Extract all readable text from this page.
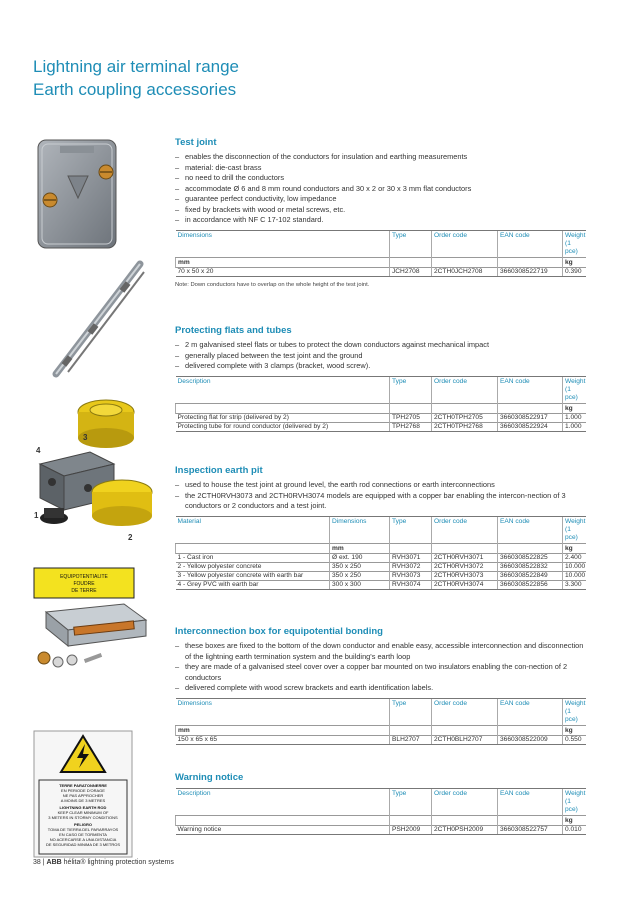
Lightning air terminal range
Earth coupling accessories
3
4
1
2
EQUIPOTENTIALITE
FOUDRE
DE TERRE
TERRE PARATONNERRE
EN PERIODE D'ORAGE
NE PAS APPROCHER
A MOINS DE 3 METRES
LIGHTNING EARTH ROD
KEEP CLEAR MINIMUM OF
3 METERS IN STORMY CONDITIONS
PELIGRO
TOMA DE TIERRA DEL PARARRAYOS
EN CASO DE TORMENTA
NO ACERCARSE A UNA DISTANCIA
DE SEGURIDAD MINIMA DE 3 METROS
Test joint
– enables the disconnection of the conductors for insulation and earthing measurements
– material: die-cast brass
– no need to drill the conductors
– accommodate Ø 6 and 8 mm round conductors and 30 x 2 or 30 x 3 mm flat conductors
– guarantee perfect conductivity, low impedance
– fixed by brackets with wood or metal screws, etc.
– in accordance with NF C 17-102 standard.
Dimensions	Type	Order code	EAN code	Weight (1 pce)
mm				kg
70 x 50 x 20	JCH2708	2CTH0JCH2708	3660308522719	0.390
Note: Down conductors have to overlap on the whole height of the test joint.
Protecting flats and tubes
– 2 m galvanised steel flats or tubes to protect the down conductors against mechanical impact
– generally placed between the test joint and the ground
– delivered complete with 3 clamps (bracket, wood screw).
Description	Type	Order code	EAN code	Weight (1 pce)
				kg
Protecting flat for strip (delivered by 2)	TPH2705	2CTH0TPH2705	3660308522917	1.000
Protecting tube for round conductor (delivered by 2)	TPH2768	2CTH0TPH2768	3660308522924	1.000
Inspection earth pit
– used to house the test joint at ground level, the earth rod connections or earth interconnections
– the 2CTH0RVH3073 and 2CTH0RVH3074 models are equipped with a copper bar enabling the intercon-nection of 3 conductors or 2 conductors and a test joint.
Material	Dimensions	Type	Order code	EAN code	Weight (1 pce)
	mm				kg
1 - Cast iron	Ø ext. 190	RVH3071	2CTH0RVH3071	3660308522825	2.400
2 - Yellow polyester concrete	350 x 250	RVH3072	2CTH0RVH3072	3660308522832	10.000
3 - Yellow polyester concrete with earth bar	350 x 250	RVH3073	2CTH0RVH3073	3660308522849	10.000
4 - Grey PVC with earth bar	300 x 300	RVH3074	2CTH0RVH3074	3660308522856	3.300
Interconnection box for equipotential bonding
– these boxes are fixed to the bottom of the down conductor and enable easy, accessible interconnection and disconnection of the lightning earth termination system and the building's earth loop
– they are made of a galvanised steel cover over a copper bar mounted on two insulators enabling the con-nection of 2 conductors
– delivered complete with wood screw brackets and earth identification labels.
Dimensions	Type	Order code	EAN code	Weight (1 pce)
mm				kg
150 x 65 x 65	BLH2707	2CTH0BLH2707	3660308522009	0.550
Warning notice
Description	Type	Order code	EAN code	Weight (1 pce)
				kg
Warning notice	PSH2009	2CTH0PSH2009	3660308522757	0.010
38 | ABB hélita® lightning protection systems
